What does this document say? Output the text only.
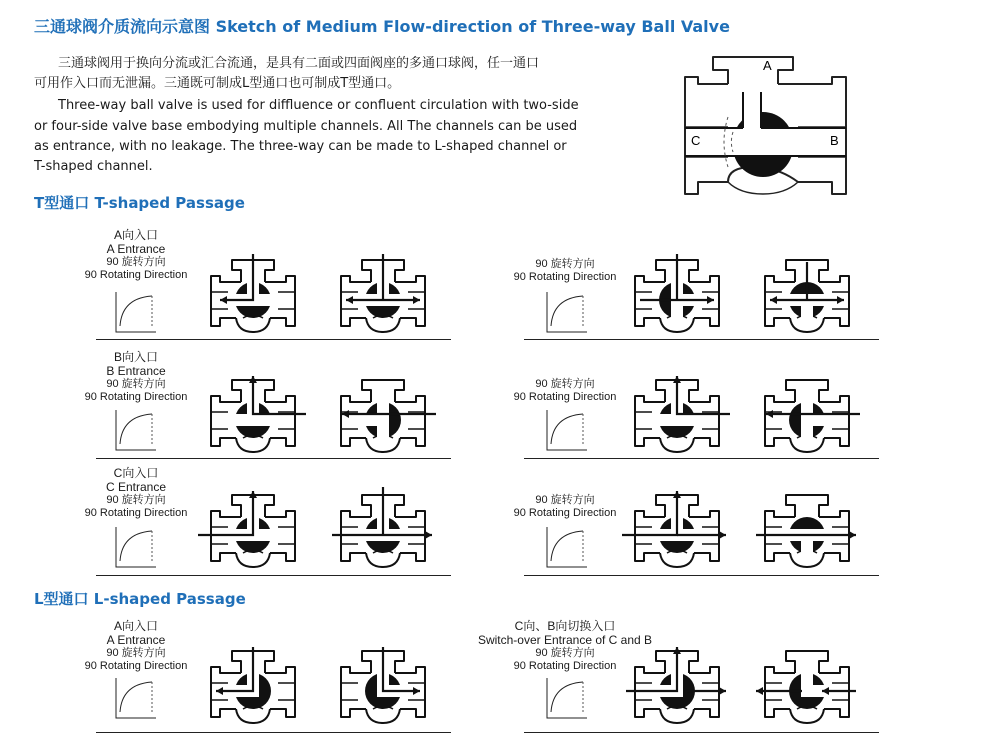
三通球阀介质流向示意图 Sketch of Medium Flow-direction of Three-way Ball Valve
三通球阀用于换向分流或汇合流通，是具有二面或四面阀座的多通口球阀，任一通口
可用作入口而无泄漏。三通既可制成L型通口也可制成T型通口。
Three-way ball valve is used for diffluence or confluent circulation with two-side
or four-side valve base embodying multiple channels. All The channels can be used
as entrance, with no leakage. The three-way can be made to L-shaped channel or
T-shaped channel.
A
C	B
T型通口 T-shaped Passage
L型通口 L-shaped Passage
A向入口
A Entrance
90 旋转方向
90 Rotating Direction
90 旋转方向
90 Rotating Direction
B向入口
B Entrance
90 旋转方向
90 Rotating Direction
90 旋转方向
90 Rotating Direction
C向入口
C Entrance
90 旋转方向
90 Rotating Direction
90 旋转方向
90 Rotating Direction
A向入口
A Entrance
90 旋转方向
90 Rotating Direction
C向、B向切换入口
Switch-over Entrance of C and B
90 旋转方向
90 Rotating Direction
